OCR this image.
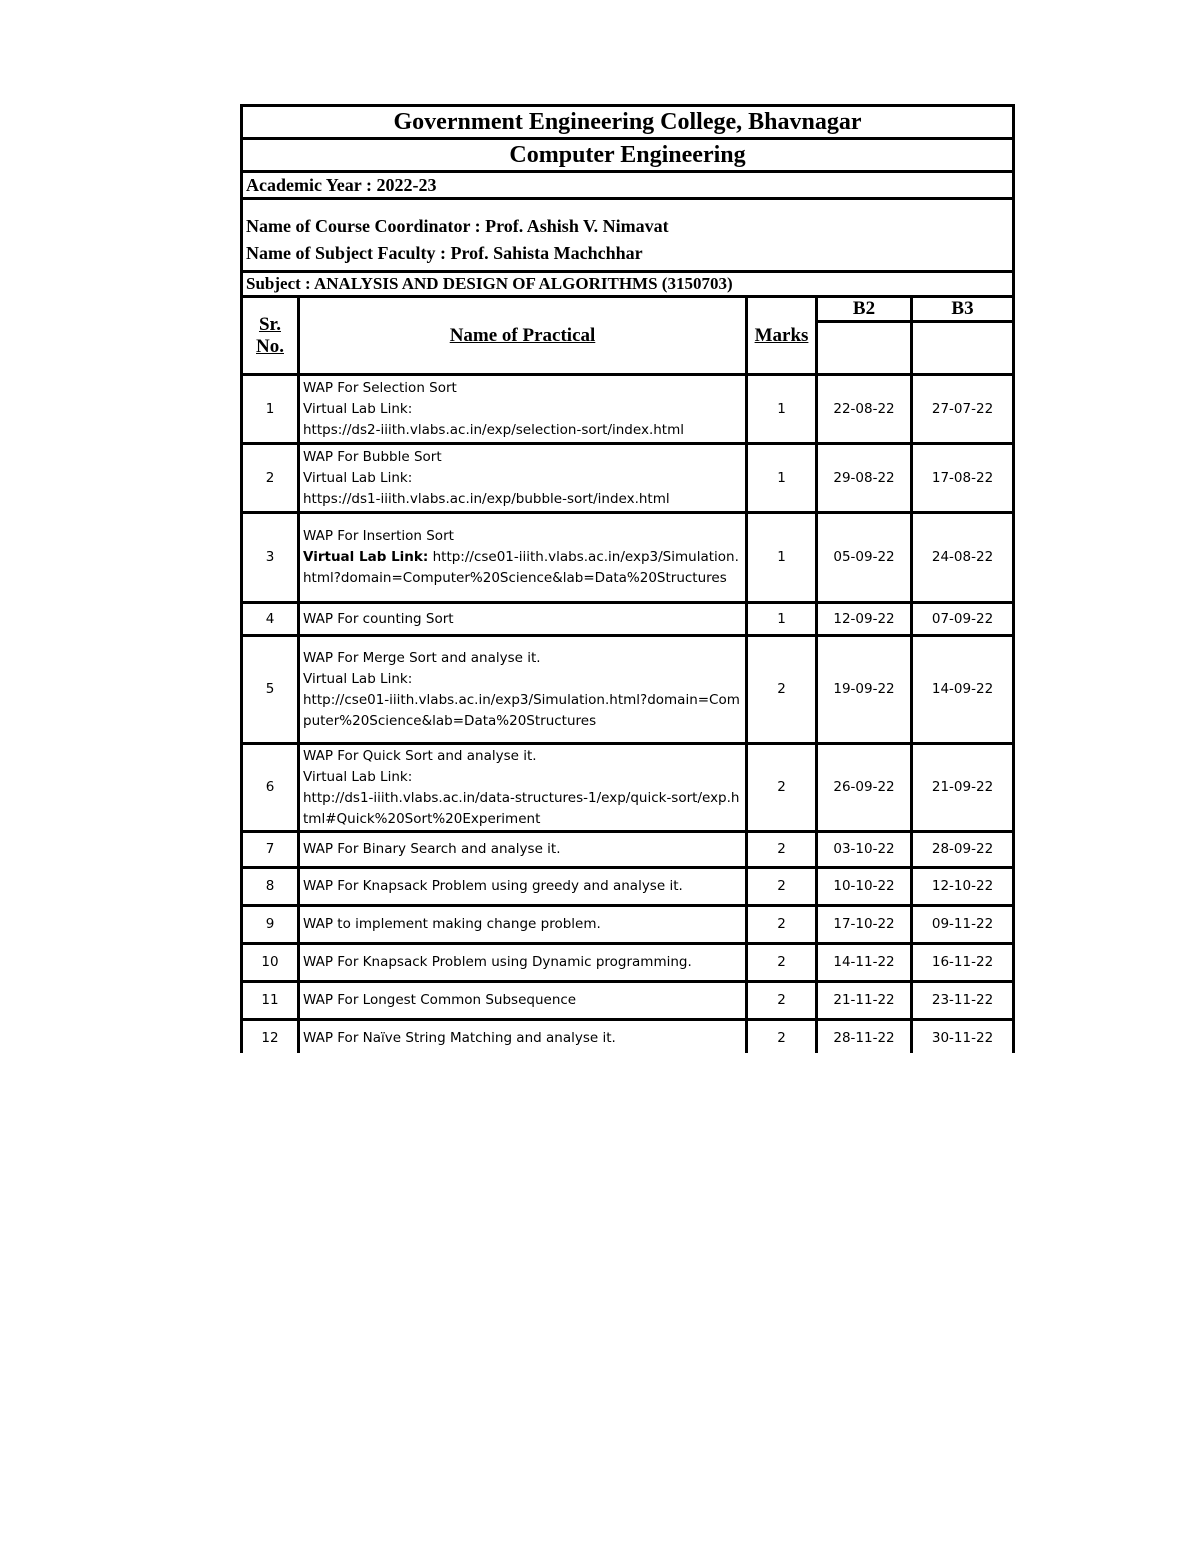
Government Engineering College, Bhavnagar				
Computer Engineering				
Academic Year : 2022-23				

Name of Course Coordinator : Prof. Ashish V. Nimavat
Name of Subject Faculty : Prof. Sahista Machchhar				

Subject : ANALYSIS AND DESIGN OF ALGORITHMS (3150703)				
Sr.
No.	Name of Practical	Marks	B2	B3

1	WAP For Selection Sort
Virtual Lab Link:
https://ds2-iiith.vlabs.ac.in/exp/selection-sort/index.html	1	22-08-22	27-07-22
2	WAP For Bubble Sort
Virtual Lab Link:
https://ds1-iiith.vlabs.ac.in/exp/bubble-sort/index.html	1	29-08-22	17-08-22
3	WAP For Insertion Sort
Virtual Lab Link: http://cse01-iiith.vlabs.ac.in/exp3/Simulation.html?domain=Computer%20Science&lab=Data%20Structures	1	05-09-22	24-08-22
4	WAP For counting Sort	1	12-09-22	07-09-22
5	WAP For Merge Sort and analyse it.
Virtual Lab Link:
http://cse01-iiith.vlabs.ac.in/exp3/Simulation.html?domain=Computer%20Science&lab=Data%20Structures	2	19-09-22	14-09-22
6	WAP For Quick Sort and analyse it.
Virtual Lab Link:
http://ds1-iiith.vlabs.ac.in/data-structures-1/exp/quick-sort/exp.html#Quick%20Sort%20Experiment	2	26-09-22	21-09-22
7	WAP For Binary Search and analyse it.	2	03-10-22	28-09-22
8	WAP For Knapsack Problem using greedy and analyse it.	2	10-10-22	12-10-22
9	WAP to implement making change problem.	2	17-10-22	09-11-22
10	WAP For Knapsack Problem using Dynamic programming.	2	14-11-22	16-11-22
11	WAP For Longest Common Subsequence	2	21-11-22	23-11-22
12	WAP For Naïve String Matching and analyse it.	2	28-11-22	30-11-22
